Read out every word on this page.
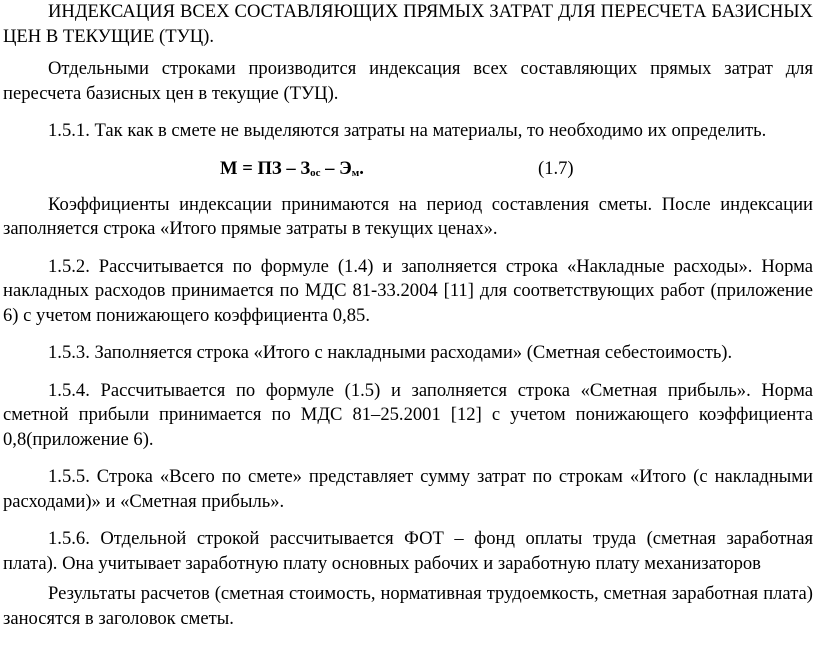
ИНДЕКСАЦИЯ ВСЕХ СОСТАВЛЯЮЩИХ ПРЯМЫХ ЗАТРАТ ДЛЯ ПЕРЕСЧЕТА БАЗИСНЫХ ЦЕН В ТЕКУЩИЕ (ТУЦ).

Отдельными строками производится индексация всех составляющих прямых затрат для пересчета базисных цен в текущие (ТУЦ).

1.5.1. Так как в смете не выделяются затраты на материалы, то необходимо их определить.

М = ПЗ – $З_{ос} - Э_м$.	(1.7)

Коэффициенты индексации принимаются на период составления сметы. После индексации заполняется строка «Итого прямые затраты в текущих ценах».

1.5.2. Рассчитывается по формуле (1.4) и заполняется строка «Накладные расходы». Норма накладных расходов принимается по МДС 81-33.2004 [11] для соответствующих работ (приложение 6) с учетом понижающего коэффициента 0,85.

1.5.3. Заполняется строка «Итого с накладными расходами» (Сметная себестоимость).

1.5.4. Рассчитывается по формуле (1.5) и заполняется строка «Сметная прибыль». Норма сметной прибыли принимается по МДС 81–25.2001 [12] с учетом понижающего коэффициента 0,8(приложение 6).

1.5.5. Строка «Всего по смете» представляет сумму затрат по строкам «Итого (с накладными расходами)» и «Сметная прибыль».

1.5.6. Отдельной строкой рассчитывается ФОТ – фонд оплаты труда (сметная заработная плата). Она учитывает заработную плату основных рабочих и заработную плату механизаторов

Результаты расчетов (сметная стоимость, нормативная трудоемкость, сметная заработная плата) заносятся в заголовок сметы.
